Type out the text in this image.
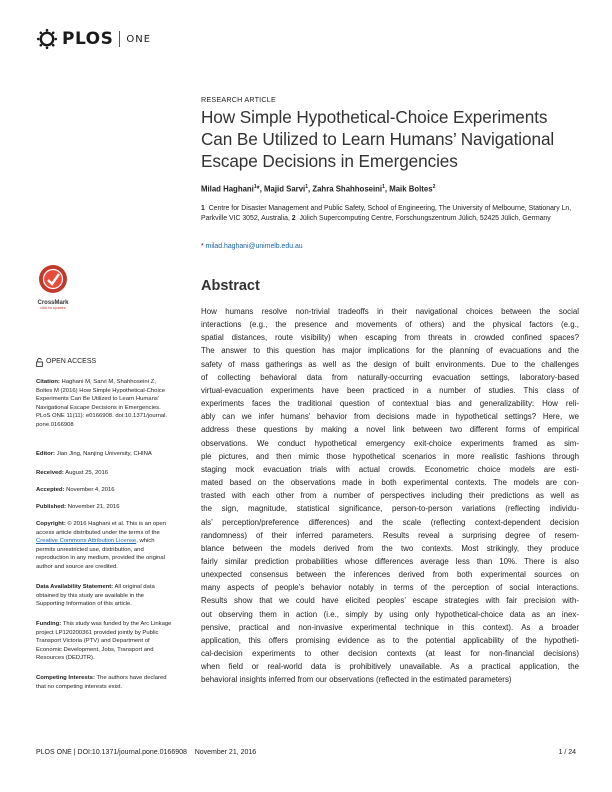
PLOS ONE
RESEARCH ARTICLE
How Simple Hypothetical-Choice Experiments
Can Be Utilized to Learn Humans’ Navigational
Escape Decisions in Emergencies
Milad Haghani$^1$*, Majid Sarvi$^1$, Zahra Shahhoseini$^1$, Maik Boltes$^2$
1 Centre for Disaster Management and Public Safety, School of Engineering, The University of Melbourne, Stationary Ln, Parkville VIC 3052, Australia, 2 Jülich Supercomputing Centre, Forschungszentrum Jülich, 52425 Jülich, Germany
* milad.haghani@unimelb.edu.au
CrossMark
click for updates
OPEN ACCESS
Citation: Haghani M, Sarvi M, Shahhoseini Z,
Boltes M (2016) How Simple Hypothetical-Choice
Experiments Can Be Utilized to Learn Humans’
Navigational Escape Decisions in Emergencies.
PLoS ONE 11(11): e0166908. doi:10.1371/journal.
pone.0166908
Editor: Jian Jing, Nanjing University, CHINA
Received: August 25, 2016
Accepted: November 4, 2016
Published: November 21, 2016
Copyright: © 2016 Haghani et al. This is an open
access article distributed under the terms of the
Creative Commons Attribution License, which
permits unrestricted use, distribution, and
reproduction in any medium, provided the original
author and source are credited.
Data Availability Statement: All original data
obtained by this study are available in the
Supporting Information of this article.
Funding: This study was funded by the Arc Linkage
project LP120200361 provided jointly by Public
Transport Victoria (PTV) and Department of
Economic Development, Jobs, Transport and
Resources (DEDJTR).
Competing Interests: The authors have declared
that no competing interests exist.
Abstract
How humans resolve non-trivial tradeoffs in their navigational choices between the social
interactions (e.g., the presence and movements of others) and the physical factors (e.g.,
spatial distances, route visibility) when escaping from threats in crowded confined spaces?
The answer to this question has major implications for the planning of evacuations and the
safety of mass gatherings as well as the design of built environments. Due to the challenges
of collecting behavioral data from naturally-occurring evacuation settings, laboratory-based
virtual-evacuation experiments have been practiced in a number of studies. This class of
experiments faces the traditional question of contextual bias and generalizability: How reli-
ably can we infer humans’ behavior from decisions made in hypothetical settings? Here, we
address these questions by making a novel link between two different forms of empirical
observations. We conduct hypothetical emergency exit-choice experiments framed as sim-
ple pictures, and then mimic those hypothetical scenarios in more realistic fashions through
staging mock evacuation trials with actual crowds. Econometric choice models are esti-
mated based on the observations made in both experimental contexts. The models are con-
trasted with each other from a number of perspectives including their predictions as well as
the sign, magnitude, statistical significance, person-to-person variations (reflecting individu-
als’ perception/preference differences) and the scale (reflecting context-dependent decision
randomness) of their inferred parameters. Results reveal a surprising degree of resem-
blance between the models derived from the two contexts. Most strikingly, they produce
fairly similar prediction probabilities whose differences average less than 10%. There is also
unexpected consensus between the inferences derived from both experimental sources on
many aspects of people’s behavior notably in terms of the perception of social interactions.
Results show that we could have elicited peoples’ escape strategies with fair precision with-
out observing them in action (i.e., simply by using only hypothetical-choice data as an inex-
pensive, practical and non-invasive experimental technique in this context). As a broader
application, this offers promising evidence as to the potential applicability of the hypotheti-
cal-decision experiments to other decision contexts (at least for non-financial decisions)
when field or real-world data is prohibitively unavailable. As a practical application, the
behavioral insights inferred from our observations (reflected in the estimated parameters)
PLOS ONE | DOI:10.1371/journal.pone.0166908 November 21, 2016	1 / 24
